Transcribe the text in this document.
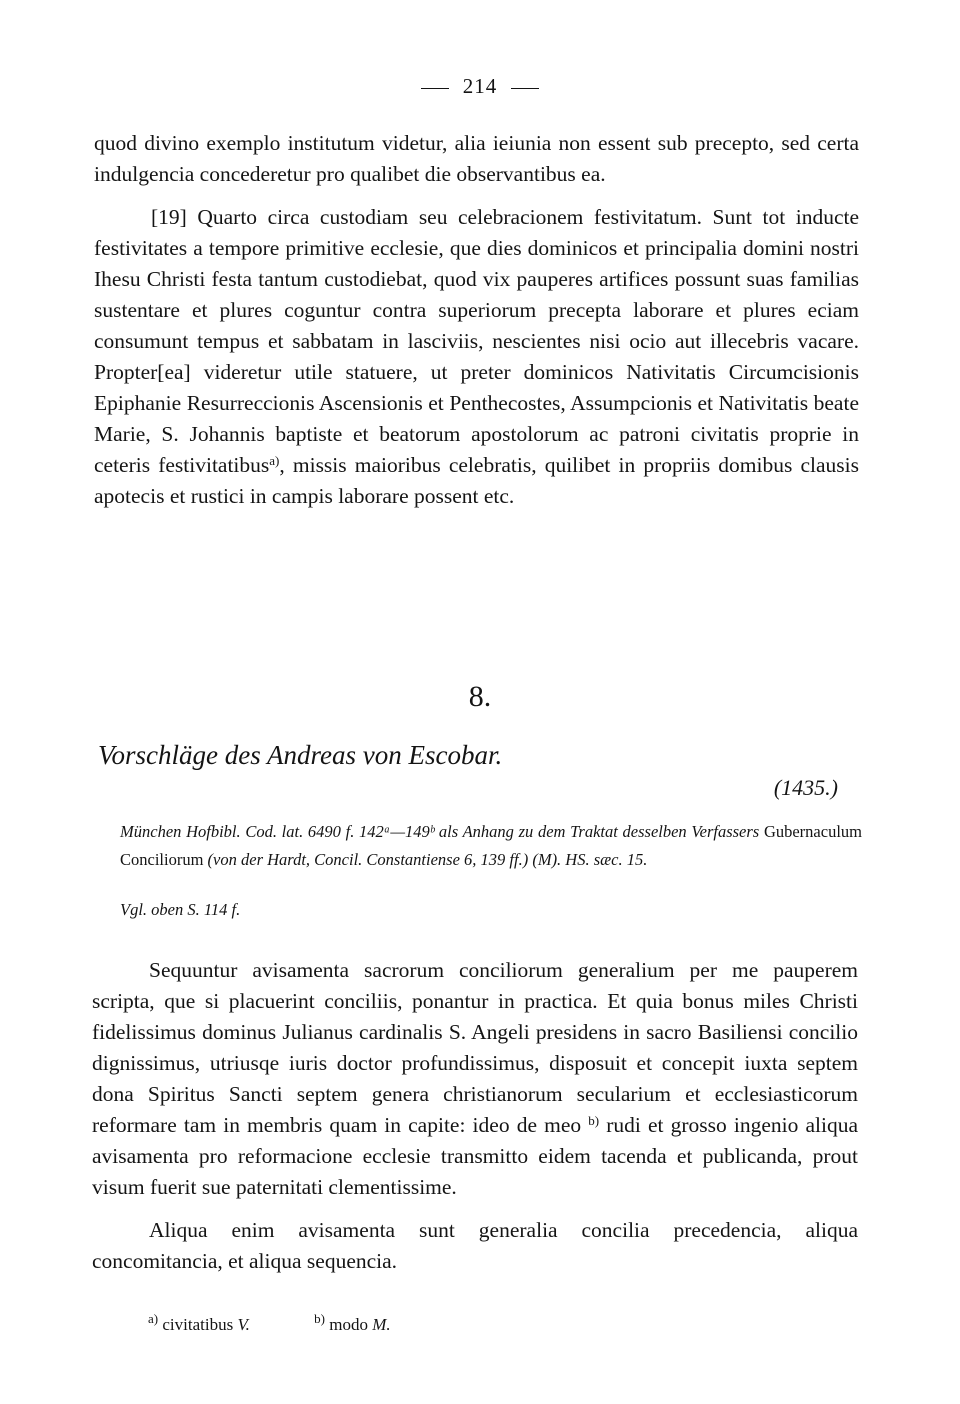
214

quod divino exemplo institutum videtur, alia ieiunia non essent sub precepto, sed certa indulgencia concederetur pro qualibet die observantibus ea.

[19] Quarto circa custodiam seu celebracionem festivitatum. Sunt tot inducte festivitates a tempore primitive ecclesie, que dies dominicos et principalia domini nostri Ihesu Christi festa tantum custodiebat, quod vix pauperes artifices possunt suas familias sustentare et plures coguntur contra superiorum precepta laborare et plures eciam consumunt tempus et sabbatam in lasciviis, nescientes nisi ocio aut illecebris vacare. Propter[ea] videretur utile statuere, ut preter dominicos Nativitatis Circumcisionis Epiphanie Resurreccionis Ascensionis et Penthecostes, Assumpcionis et Nativitatis beate Marie, S. Johannis baptiste et beatorum apostolorum ac patroni civitatis proprie in ceteris festivitatibus$^{a)}$, missis maioribus celebratis, quilibet in propriis domibus clausis apotecis et rustici in campis laborare possent etc.

8.
Vorschläge des Andreas von Escobar.
(1435.)
München Hofbibl. Cod. lat. 6490 f. 142ᵃ—149ᵇ als Anhang zu dem Traktat desselben Verfassers Gubernaculum Conciliorum (von der Hardt, Concil. Constantiense 6, 139 ff.) (M). HS. sæc. 15.
Vgl. oben S. 114 f.

Sequuntur avisamenta sacrorum conciliorum generalium per me pauperem scripta, que si placuerint conciliis, ponantur in practica. Et quia bonus miles Christi fidelissimus dominus Julianus cardinalis S. Angeli presidens in sacro Basiliensi concilio dignissimus, utriusqe iuris doctor profundissimus, disposuit et concepit iuxta septem dona Spiritus Sancti septem genera christianorum secularium et ecclesiasticorum reformare tam in membris quam in capite: ideo de meo $^{b)}$ rudi et grosso ingenio aliqua avisamenta pro reformacione ecclesie transmitto eidem tacenda et publicanda, prout visum fuerit sue paternitati clementissime.

Aliqua enim avisamenta sunt generalia concilia precedencia, aliqua concomitancia, et aliqua sequencia.

$^{a)}$ civitatibus V.	$^{b)}$ modo M.
